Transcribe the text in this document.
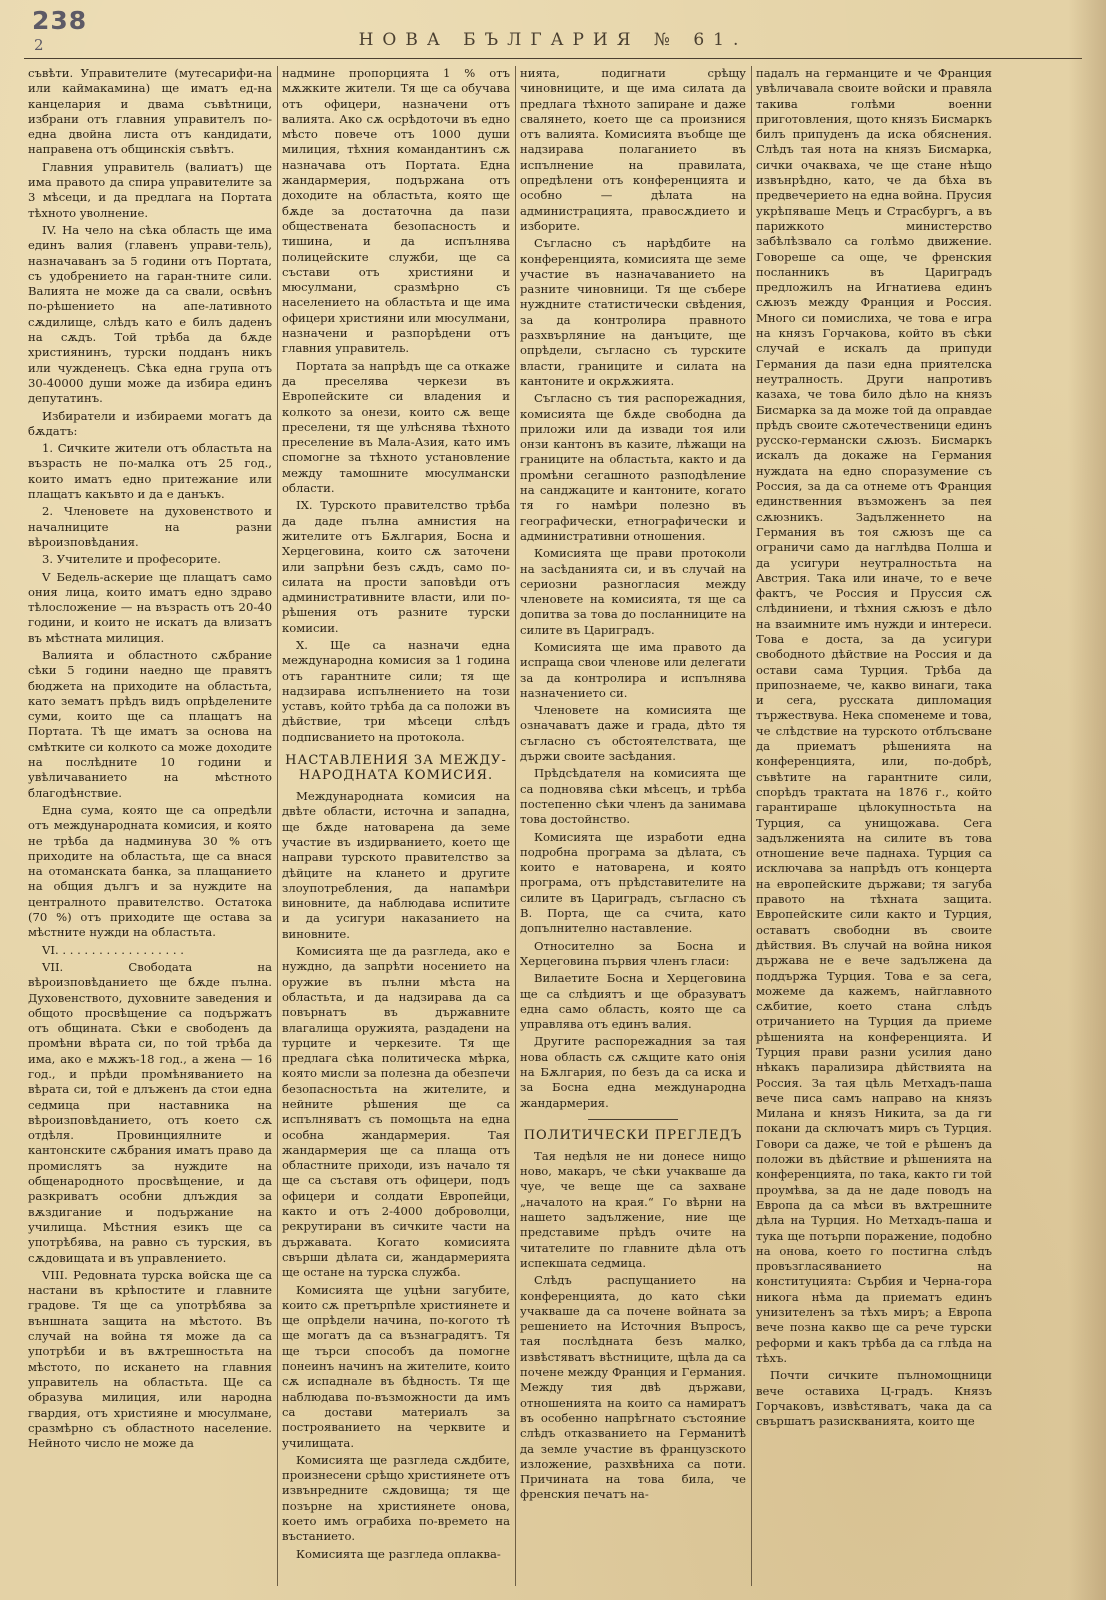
238
2	НОВА БЪЛГАРИЯ № 61.

съвѣти. Управителите (мутесарифи-на или каймакамина) ще иматъ ед-на канцелария и двама съвѣтници, избрани отъ главния управителъ по-една двойна листа отъ кандидати, направена отъ общинскiя съвѣтъ.

Главния управитель (валиатъ) ще има правото да спира управителите за 3 мѣсеци, и да предлага на Портата тѣхното уволнение.

IV. На чело на сѣка область ще има единъ валия (главенъ управи-тель), назначаванъ за 5 години отъ Портата, съ удобрението на гаран-тните сили. Валията не може да са свали, освѣнъ по-рѣшението на апе-лативното сѫдилище, слѣдъ като е билъ даденъ на сѫдъ. Той трѣба да бѫде християнинъ, турски подданъ никъ или чужденецъ. Сѣка една група отъ 30-40000 души може да избира единъ депутатинъ.

Избиратели и избираеми могатъ да бѫдатъ:

1. Сичките жители отъ областьта на възрасть не по-малка отъ 25 год., които иматъ едно притежание или плащатъ какъвто и да е данъкъ.

2. Членовете на духовенството и началниците на разни вѣроизповѣдания.

3. Учителите и професорите.

V Бедель-аскерие ще плащатъ само ония лица, които иматъ едно здраво тѣлосложение — на възрасть отъ 20-40 години, и които не искатъ да влизатъ въ мѣстната милиция.

Валията и областното сѫбрание сѣки 5 години наедно ще правятъ бюджета на приходите на областьта, като зематъ прѣдъ видъ опрѣделените суми, които ще са плащатъ на Портата. Тѣ ще иматъ за основа на смѣтките си колкото са може доходите на послѣдните 10 години и увѣличаванието на мѣстното благодѣнствие.

Една сума, която ще са опредѣли отъ международната комисия, и която не трѣба да надминува 30 % отъ приходите на областьта, ще са внася на отоманската банка, за плащанието на общия дългъ и за нуждите на централното правителство. Остатока (70 %) отъ приходите ще остава за мѣстните нужди на областьта.

VI. . . . . . . . . . . . . . . . . .

VII. Свободата на вѣроизповѣданието ще бѫде пълна. Духовенството, духовните заведения и общото просвѣщение са подържатъ отъ общината. Сѣки е свободенъ да промѣни вѣрата си, по той трѣба да има, ако е мѫжъ-18 год., а жена — 16 год., и прѣди промѣняванието на вѣрата си, той е длъженъ да стои една седмица при наставника на вѣроизповѣданието, отъ което сѫ отдѣля. Провинциялните и кантонските сѫбрания иматъ право да промислятъ за нуждите на общенародното просвѣщение, и да разкриватъ особни длъждия за вѫздигание и подържание на училища. Мѣстния езикъ ще са употрѣбява, на равно съ турския, въ сѫдовищата и въ управлението.

VIII. Редовната турска войска ще са настани въ крѣпостите и главните градове. Тя ще са употрѣбява за външната защита на мѣстото. Въ случай на война тя може да са употрѣби и въ вѫтрешностьта на мѣстото, по искането на главния управитель на областьта. Ще са образува милиция, или народна гвардия, отъ християне и мюсулмане, сразмѣрно съ областното население. Нейното число не може да

надмине пропорцията 1 % отъ мѫжките жители. Тя ще са обучава отъ офицери, назначени отъ валията. Ако сѫ осрѣдоточи въ едно мѣсто повече отъ 1000 души милиция, тѣхния командантинъ сѫ назначава отъ Портата. Една жандармерия, подържана отъ доходите на областьта, която ще бѫде за достаточна да пази обществената безопасность и тишина, и да испълнява полицейските служби, ще са състави отъ християни и мюсулмани, сразмѣрно съ населението на областьта и ще има офицери християни или мюсулмани, назначени и разпорѣдени отъ главния управитель.

Портата за напрѣдъ ще са откаже да преселява черкези въ Европейските си владения и колкото за онези, които сѫ веще преселени, тя ще улѣснява тѣхното преселение въ Мала-Азия, като имъ спомогне за тѣхното установление между тамошните мюсулмански области.

IX. Турското правителство трѣба да даде пълна амнистия на жителите отъ Бѫлгария, Босна и Херцеговина, които сѫ заточени или запрѣни безъ сѫдъ, само по-силата на прости заповѣди отъ административните власти, или по-рѣшения отъ разните турски комисии.

X. Ще са назначи една международна комисия за 1 година отъ гарантните сили; тя ще надзирава испълнението на този уставъ, който трѣба да са положи въ дѣйствие, три мѣсеци слѣдъ подписванието на протокола.

НАСТАВЛЕНИЯ ЗА МЕЖДУ-НАРОДНАТА КОМИСИЯ.

Международната комисия на двѣте области, источна и западна, ще бѫде натоварена да земе участие въ издирванието, което ще направи турското правителство за дѣйците на клането и другите злоупотребления, да напамѣри виновните, да наблюдава испитите и да усигури наказанието на виновните.

Комисията ще да разгледа, ако е нуждно, да запрѣти носението на оружие въ пълни мѣста на областьта, и да надзирава да са повърнатъ въ държавните влагалища оружията, раздадени на турците и черкезите. Тя ще предлага сѣка политическа мѣрка, която мисли за полезна да обезпечи безопасностьта на жителите, и нейните рѣшения ще са испълняватъ съ помощьта на една особна жандармерия. Тая жандармерия ще са плаща отъ областните приходи, изъ начало тя ще са съставя отъ офицери, подъ офицери и солдати Европейци, както и отъ 2-4000 доброволци, рекрутирани въ сичките части на държавата. Когато комисията свърши дѣлата си, жандармерията ще остане на турска служба.

Комисията ще уцѣни загубите, които сѫ претърпѣле християнете и ще опрѣдели начина, по-когото тѣ ще могатъ да са възнаградятъ. Тя ще търси способъ да помогне понеинъ начинъ на жителите, които сѫ испаднале въ бѣдность. Тя ще наблюдава по-възможности да имъ са достави материалъ за построяванието на черквите и училищата.

Комисията ще разгледа сѫдбите, произнесени срѣщо християнете отъ извънредните сѫдовища; тя ще позърне на християнете онова, което имъ ограбиха по-времето на въстанието.

Комисията ще разгледа оплаква-

нията, подигнати срѣщу чиновниците, и ще има силата да предлага тѣхното запиране и даже свалянето, което ще са произнися отъ валията. Комисията въобще ще надзирава полаганието въ испълнение на правилата, опредѣлени отъ конференцията и особно — дѣлата на администрацията, правосѫдието и изборите.

Съгласно съ нарѣдбите на конференцията, комисията ще земе участие въ назначаванието на разните чиновници. Тя ще събере нуждните статистически свѣдения, за да контролира правното разхвърляние на данъците, ще опрѣдели, съгласно съ турските власти, границите и силата на кантоните и окрѫжията.

Съгласно съ тия распорежадния, комисията ще бѫде свободна да приложи или да извади тоя или онзи кантонъ въ казите, лѣжащи на границите на областьта, както и да промѣни сегашното разподѣление на санджаците и кантоните, когато тя го намѣри полезно въ географически, етнографически и административни отношения.

Комисията ще прави протоколи на засѣданията си, и въ случай на сериозни разногласия между членовете на комисията, тя ще са допитва за това до посланниците на силите въ Цариградъ.

Комисията ще има правото да испраща свои членове или делегати за да контролира и испълнява назначението си.

Членовете на комисията ще означаватъ даже и града, дѣто тя съгласно съ обстоятелствата, ще държи своите засѣдания.

Прѣдсѣдателя на комисията ще са подновява сѣки мѣсецъ, и трѣба постепенно сѣки членъ да занимава това достойнство.

Комисията ще изработи една подробна програма за дѣлата, съ които е натоварена, и която програма, отъ прѣдставителите на силите въ Цариградъ, съгласно съ В. Порта, ще са счита, като допълнително наставление.

Относително за Босна и Херцеговина първия членъ гласи:

Вилаетите Босна и Херцеговина ще са слѣдиятъ и ще образуватъ една само область, която ще са управлява отъ единъ валия.

Другите распорежадния за тая нова область сѫ сѫщите като онія на Бѫлгария, по безъ да са иска и за Босна една международна жандармерия.

ПОЛИТИЧЕСКИ ПРЕГЛЕДЪ

Тая недѣля не ни донесе нищо ново, макаръ, че сѣки учакваше да чуе, че веще ще са захване „началото на края.“ Го вѣрни на нашето задължение, ние ще представиме прѣдъ очите на читателите по главните дѣла отъ испекшата седмица.

Слѣдъ распущанието на конференцията, до като сѣки учакваше да са почене войната за решението на Источния Въпросъ, тая послѣдната безъ малко, извѣстяватъ вѣстниците, щѣла да са почене между Франция и Германия. Между тия двѣ държави, отношенията на които са намиратъ въ особенно напрѣгнато състояние слѣдъ отказванието на Германитѣ да земле участие въ французското изложение, разхвѣниха са поти. Причината на това била, че френския печатъ на-

падалъ на германците и че Франция увѣличавала своите войски и правяла такива голѣми военни приготовления, щото князъ Бисмаркъ билъ припуденъ да иска обяснения. Слѣдъ тая нота на князъ Бисмарка, сички очакваха, че ще стане нѣщо извънрѣдно, като, че да бѣха въ предвечерието на една война. Прусия укрѣпяваше Мецъ и Страсбургъ, а въ парижкото министерство забѣлѣзвало са голѣмо движение. Говореше са още, че френския посланникъ въ Цариградъ предложилъ на Игнатиева единъ сѫюзъ между Франция и Россия. Много си помислиха, че това е игра на князъ Горчакова, който въ сѣки случай е искалъ да припуди Германия да пази една приятелска неутралность. Други напротивъ казаха, че това било дѣло на князъ Бисмарка за да може той да оправдае прѣдъ своите сѫотечественици единъ русско-германски сѫюзъ. Бисмаркъ искалъ да докаже на Германия нуждата на едно споразумение съ Россия, за да са отнеме отъ Франция единственния възможенъ за пея сѫюзникъ. Задълженнето на Германия въ тоя сѫюзъ ще са ограничи само да наглѣдва Полша и да усигури неутралностьта на Австрия. Така или иначе, то е вече фактъ, че Россия и Пруссия сѫ слѣдиниени, и тѣхния сѫюзъ е дѣло на взаимните имъ нужди и интереси. Това е доста, за да усигури свободното дѣйствие на Россия и да остави сама Турция. Трѣба да припознаеме, че, какво винаги, така и сега, русската дипломация тържествува. Нека споменеме и това, че слѣдствие на турското отблъсване да приематъ рѣшенията на конференцията, или, по-добрѣ, съвѣтите на гарантните сили, спорѣдъ трактата на 1876 г., който гарантираше цѣлокупностьта на Турция, са унищожава. Сега задълженията на силите въ това отношение вече паднаха. Турция са исключава за напрѣдъ отъ концерта на европейските държави; тя загуба правото на тѣхната защита. Европейските сили както и Турция, оставатъ свободни въ своите дѣйствия. Въ случай на война никоя държава не е вече задължена да поддържа Турция. Това е за сега, можеме да кажемъ, найглавното сѫбитие, което стана слѣдъ отричанието на Турция да приеме рѣшенията на конференцията. И Турция прави разни усилия дано нѣкакъ парализира дѣйствията на Россия. За тая цѣль Метхадъ-паша вече писа самъ направо на князъ Милана и князъ Никита, за да ги покани да сключатъ миръ съ Турция. Говори са даже, че той е рѣшенъ да положи въ дѣйствие и рѣшенията на конференцията, по така, както ги той проумѣва, за да не даде поводъ на Европа да са мѣси въ вѫтрешните дѣла на Турция. Но Метхадъ-паша и тука ще потърпи поражение, подобно на онова, което го постигна слѣдъ провъзгласяванието на конституцията: Сърбия и Черна-гора никога нѣма да приематъ единъ унизителенъ за тѣхъ миръ; а Европа вече позна какво ще са рече турски реформи и какъ трѣба да са глѣда на тѣхъ.

Почти сичките пълномощници вече оставиха Ц-градъ. Князъ Горчаковъ, извѣстяватъ, чака да са свършатъ разискванията, които ще
